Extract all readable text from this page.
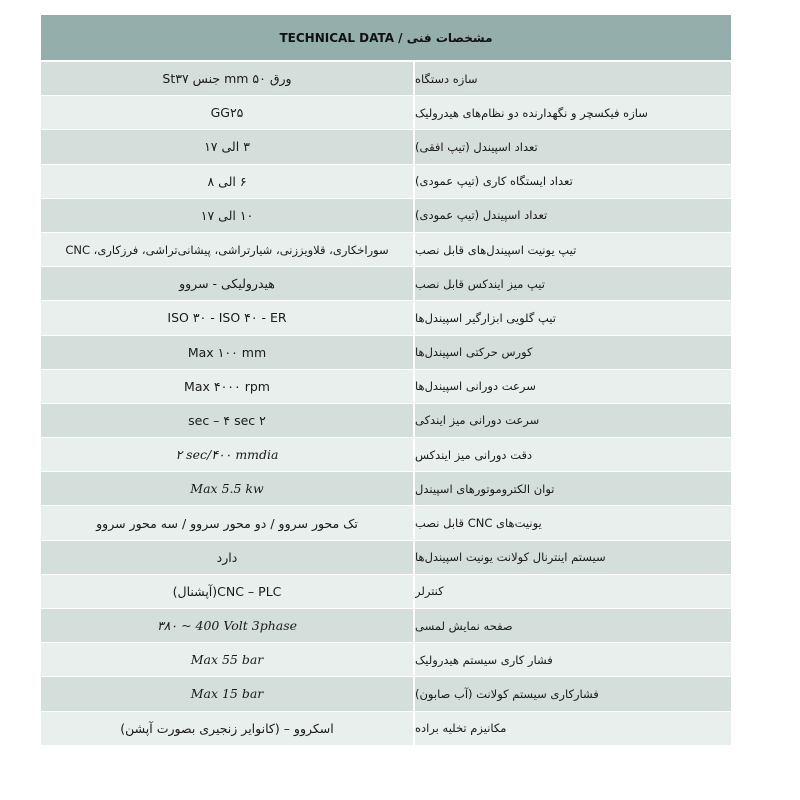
TECHNICAL DATA / مشخصات فنی
ورق ۵۰ mm جنس St۳۷	سازه دستگاه
GG۲۵	سازه فیکسچر و نگهدارنده دو نظام‌های هیدرولیک
۳ الی ۱۷	تعداد اسپیندل (تیپ افقی)
۶ الی ۸	تعداد ایستگاه کاری (تیپ عمودی)
۱۰ الی ۱۷	تعداد اسپیندل (تیپ عمودی)
سوراخکاری، قلاویززنی، شیارتراشی، پیشانی‌تراشی، فرزکاری، CNC	تیپ یونیت اسپیندل‌های قابل نصب
هیدرولیکی - سروو	تیپ میز ایندکس قابل نصب
ISO ۳۰ - ISO ۴۰ - ER	تیپ گلویی ابزارگیر اسپیندل‌ها
Max ۱۰۰ mm	کورس حرکتی اسپیندل‌ها
Max ۴۰۰۰ rpm	سرعت دورانی اسپیندل‌ها
۲ sec – ۴ sec	سرعت دورانی میز ایندکی
۲ sec/۴۰۰ mmdia	دقت دورانی میز ایندکس
Max 5.5 kw	توان الکتروموتورهای اسپیندل
تک محور سروو / دو محور سروو / سه محور سروو	یونیت‌های CNC قابل نصب
دارد	سیستم اینترنال کولانت یونیت اسپیندل‌ها
CNC – PLC(آپشنال)	کنترلر
۳۸۰ ~ 400 Volt 3phase	صفحه نمایش لمسی
Max 55 bar	فشار کاری سیستم هیدرولیک
Max 15 bar	فشارکاری سیستم کولانت (آب صابون)
اسکروو – (کانوایر زنجیری بصورت آپشن)	مکانیزم تخلیه براده
